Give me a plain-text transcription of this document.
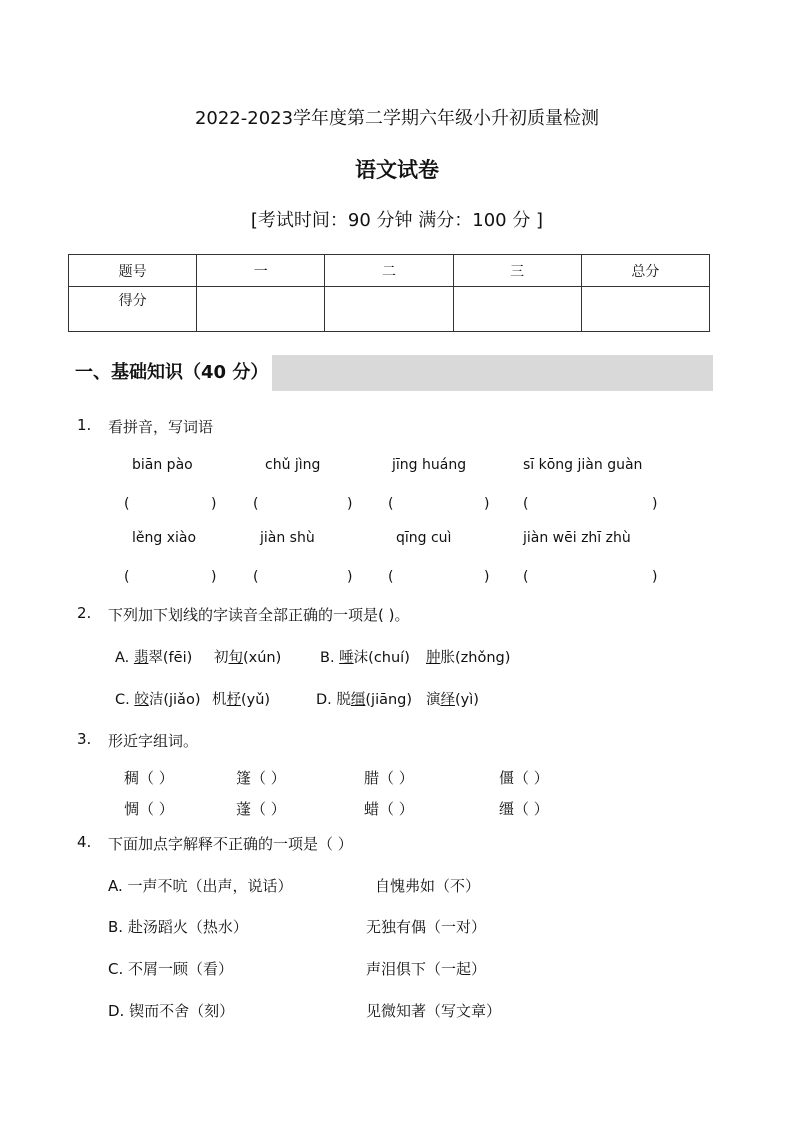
2022-2023学年度第二学期六年级小升初质量检测
语文试卷
[考试时间：90 分钟 满分：100 分 ]
题号	一	二	三	总分
得分				
一、基础知识（40 分）
1. 看拼音，写词语
biān pào	chǔ jìng	jīng huáng	sī kōng jiàn guàn
(	)	(	)	(	) (	)
lěng xiào	jiàn shù	qīng cuì	jiàn wēi zhī zhù
(	)	(	)	(	) (	)
2. 下列加下划线的字读音全部正确的一项是( )。
A. 翡翠(fēi) 初旬(xún)	B. 唾沫(chuí) 肿胀(zhǒng)
C. 皎洁(jiǎo) 机杼(yǔ)	D. 脱缰(jiāng) 演绎(yì)
3. 形近字组词。
稠（ ）	篷（ ）	腊（ ）	僵（ ）
惆（ ）	蓬（ ）	蜡（ ）	缰（ ）
4. 下面加点字解释不正确的一项是（ ）
A. 一声不吭（出声，说话）	自愧弗如（不）
B. 赴汤蹈火（热水）	无独有偶（一对）
C. 不屑一顾（看）	声泪俱下（一起）
D. 锲而不舍（刻）	见微知著（写文章）
